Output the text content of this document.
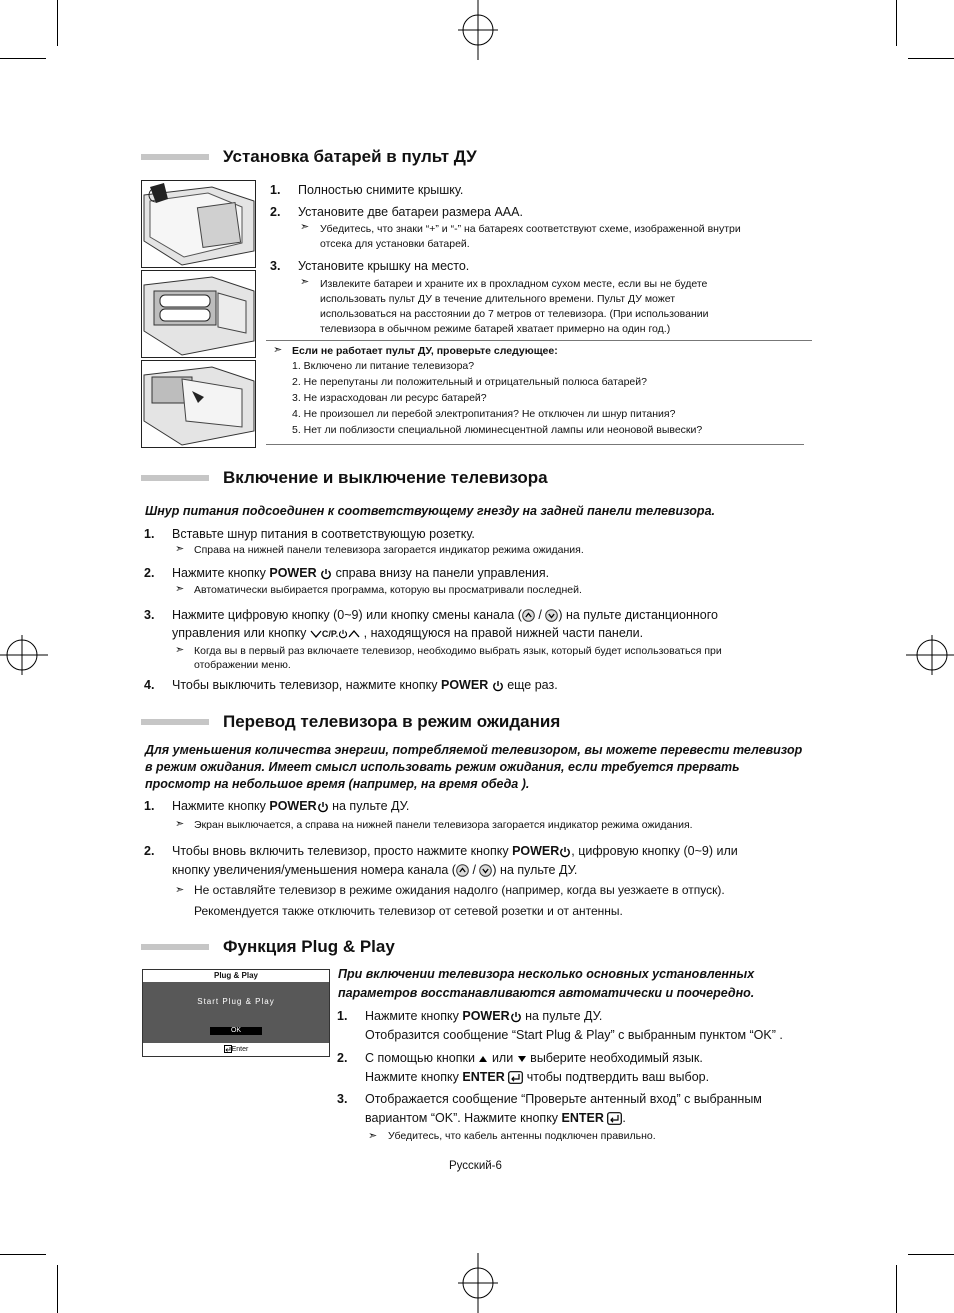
Установка батарей в пульт ДУ
1. Полностью снимите крышку.
2. Установите две батареи размера AAA.
➣ Убедитесь, что знаки “+” и “-” на батареях соответствуют схеме, изображенной внутри
отсека для установки батарей.
3. Установите крышку на место.
➣ Извлеките батареи и храните их в прохладном сухом месте, если вы не будете
использовать пульт ДУ в течение длительного времени. Пульт ДУ может
использоваться на расстоянии до 7 метров от телевизора. (При использовании
телевизора в обычном режиме батарей хватает примерно на один год.)
➣ Если не работает пульт ДУ, проверьте следующее:
1. Включено ли питание телевизора?
2. Не перепутаны ли положительный и отрицательный полюса батарей?
3. Не израсходован ли ресурс батарей?
4. Не произошел ли перебой электропитания? Не отключен ли шнур питания?
5. Нет ли поблизости специальной люминесцентной лампы или неоновой вывески?
Включение и выключение телевизора
Шнур питания подсоединен к соответствующему гнезду на задней панели телевизора.
1. Вставьте шнур питания в соответствующую розетку.
➣ Справа на нижней панели телевизора загорается индикатор режима ожидания.
2. Нажмите кнопку POWER справа внизу на панели управления.
➣ Автоматически выбирается программа, которую вы просматривали последней.
3. Нажмите цифровую кнопку (0~9) или кнопку смены канала ( / ) на пульте дистанционного
управления или кнопку C/P. , находящуюся на правой нижней части панели.
➣ Когда вы в первый раз включаете телевизор, необходимо выбрать язык, который будет использоваться при
отображении меню.
4. Чтобы выключить телевизор, нажмите кнопку POWER еще раз.
Перевод телевизора в режим ожидания
Для уменьшения количества энергии, потребляемой телевизором, вы можете перевести телевизор
в режим ожидания. Имеет смысл использовать режим ожидания, если требуется прервать
просмотр на небольшое время (например, на время обеда ).
1. Нажмите кнопку POWER на пульте ДУ.
➣ Экран выключается, а справа на нижней панели телевизора загорается индикатор режима ожидания.
2. Чтобы вновь включить телевизор, просто нажмите кнопку POWER , цифровую кнопку (0~9) или
кнопку увеличения/уменьшения номера канала ( / ) на пульте ДУ.
➣ Не оставляйте телевизор в режиме ожидания надолго (например, когда вы уезжаете в отпуск).
Рекомендуется также отключить телевизор от сетевой розетки и от антенны.
Функция Plug & Play
Plug & Play
Start Plug & Play
OK
Enter
При включении телевизора несколько основных установленных
параметров восстанавливаются автоматически и поочередно.
1. Нажмите кнопку POWER на пульте ДУ.
Отобразится сообщение “Start Plug & Play” с выбранным пунктом “OK” .
2. С помощью кнопки или выберите необходимый язык.
Нажмите кнопку ENTER чтобы подтвердить ваш выбор.
3. Отображается сообщение “Проверьте антенный вход” с выбранным
вариантом “OK”. Нажмите кнопку ENTER .
➣ Убедитесь, что кабель антенны подключен правильно.
Русский-6
